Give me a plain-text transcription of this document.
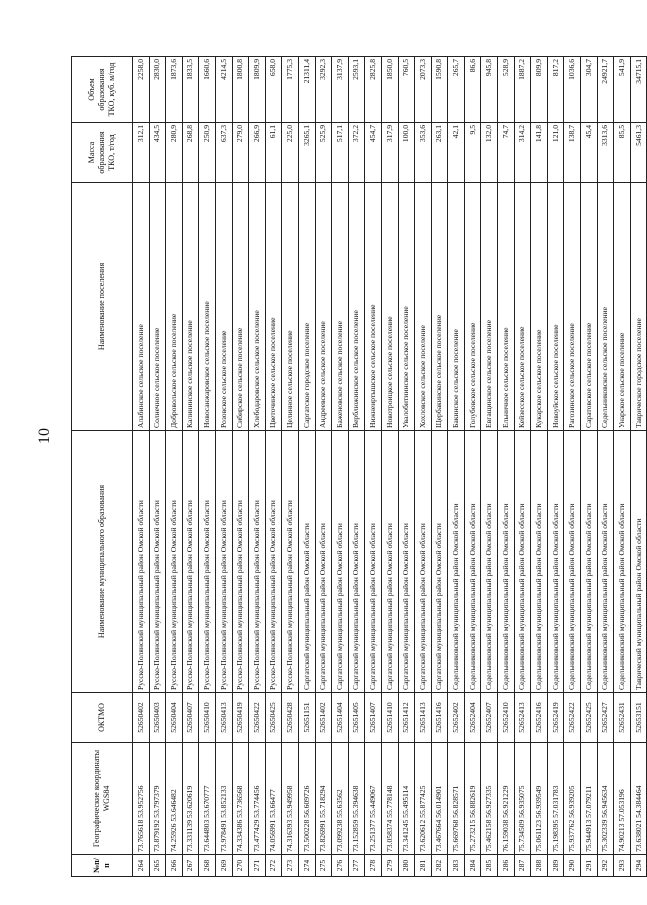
10
№п/п	Географические координаты WGS84	ОКТМО	Наименование муниципального образования	Наименование поселения	Масса образования ТКО, т/год	Объем образования ТКО, куб. м/год
264	73.765618 53.952756	52650402	Русско-Полянский муниципальный район Омской области	Алабинское сельское поселение	312,1	2258,0
265	73.879192 53.797379	52650403	Русско-Полянский муниципальный район Омской области	Солнечное сельское поселение	434,5	2830,0
266	74.25926 53.646482	52650404	Русско-Полянский муниципальный район Омской области	Добровольское сельское поселение	280,9	1873,6
267	73.331139 53.620619	52650407	Русско-Полянский муниципальный район Омской области	Калининское сельское поселение	268,8	1833,5
268	73.644803 53.670777	52650410	Русско-Полянский муниципальный район Омской области	Новосанжаровское сельское поселение	250,9	1660,6
269	73.978491 53.852133	52650413	Русско-Полянский муниципальный район Омской области	Розовское сельское поселение	637,3	4214,5
270	74.334386 53.736568	52650419	Русско-Полянский муниципальный район Омской области	Сибирское сельское поселение	279,0	1800,8
271	73.477429 53.774456	52650422	Русско-Полянский муниципальный район Омской области	Хлебодаровское сельское поселение	266,9	1809,9
272	74.056991 53.66477	52650425	Русско-Полянский муниципальный район Омской области	Цветочинское сельское поселение	61,1	658,0
273	74.316393 53.949958	52650428	Русско-Полянский муниципальный район Омской области	Целинное сельское поселение	225,0	1775,3
274	73.500228 56.609726	52651151	Саргатский муниципальный район Омской области	Саргатское городское поселение	3265,1	21311,4
275	73.826991 55.718294	52651402	Саргатский муниципальный район Омской области	Андреевское сельское поселение	525,9	3292,3
276	73.099238 55.63562	52651404	Саргатский муниципальный район Омской области	Баженовское сельское поселение	517,1	3137,9
277	73.152859 55.394638	52651405	Саргатский муниципальный район Омской области	Верблюжинское сельское поселение	372,2	2593,1
278	73.251377 55.449067	52651407	Саргатский муниципальный район Омской области	Нижнеиртышское сельское поселение	454,7	2825,8
279	73.058374 55.778148	52651410	Саргатский муниципальный район Омской области	Новотроицкое сельское поселение	317,9	1850,0
280	73.341245 55.495114	52651412	Саргатский муниципальный район Омской области	Увалобитиинское сельское поселение	100,0	760,5
281	73.620612 55.877425	52651413	Саргатский муниципальный район Омской области	Хохловское сельское поселение	353,6	2073,3
282	73.467664 56.014901	52651416	Саргатский муниципальный район Омской области	Щербакинское сельское поселение	263,1	1590,8
283	75.669768 56.828571	52652402	Седельниковский муниципальный район Омской области	Бакинское сельское поселение	42,1	265,7
284	75.273215 56.882619	52652404	Седельниковский муниципальный район Омской области	Голубовское сельское поселение	9,5	86,6
285	75.462158 56.927335	52652407	Седельниковский муниципальный район Омской области	Евгащинское сельское поселение	132,0	945,8
286	76.159038 56.921229	52652410	Седельниковский муниципальный район Омской области	Ельничное сельское поселение	74,7	528,9
287	75.734509 56.935075	52652413	Седельниковский муниципальный район Омской области	Кейзесское сельское поселение	314,2	1887,2
288	75.061123 56.939549	52652416	Седельниковский муниципальный район Омской области	Кукарское сельское поселение	141,8	809,9
289	75.198395 57.031783	52652419	Седельниковский муниципальный район Омской области	Новоуйское сельское поселение	121,0	817,2
290	75.937762 56.939205	52652422	Седельниковский муниципальный район Омской области	Рагозинское сельское поселение	138,7	1036,6
291	75.944913 57.079211	52652425	Седельниковский муниципальный район Омской области	Саратовское сельское поселение	45,4	304,7
292	75.302339 56.945634	52652427	Седельниковский муниципальный район Омской области	Седельниковское сельское поселение	3313,6	24921,7
293	74.90213 57.053196	52652431	Седельниковский муниципальный район Омской области	Унарское сельское поселение	85,5	541,9
294	73.638021 54.384464	52653151	Таврический муниципальный район Омской области	Таврическое городское поселение	5461,3	34715,1
